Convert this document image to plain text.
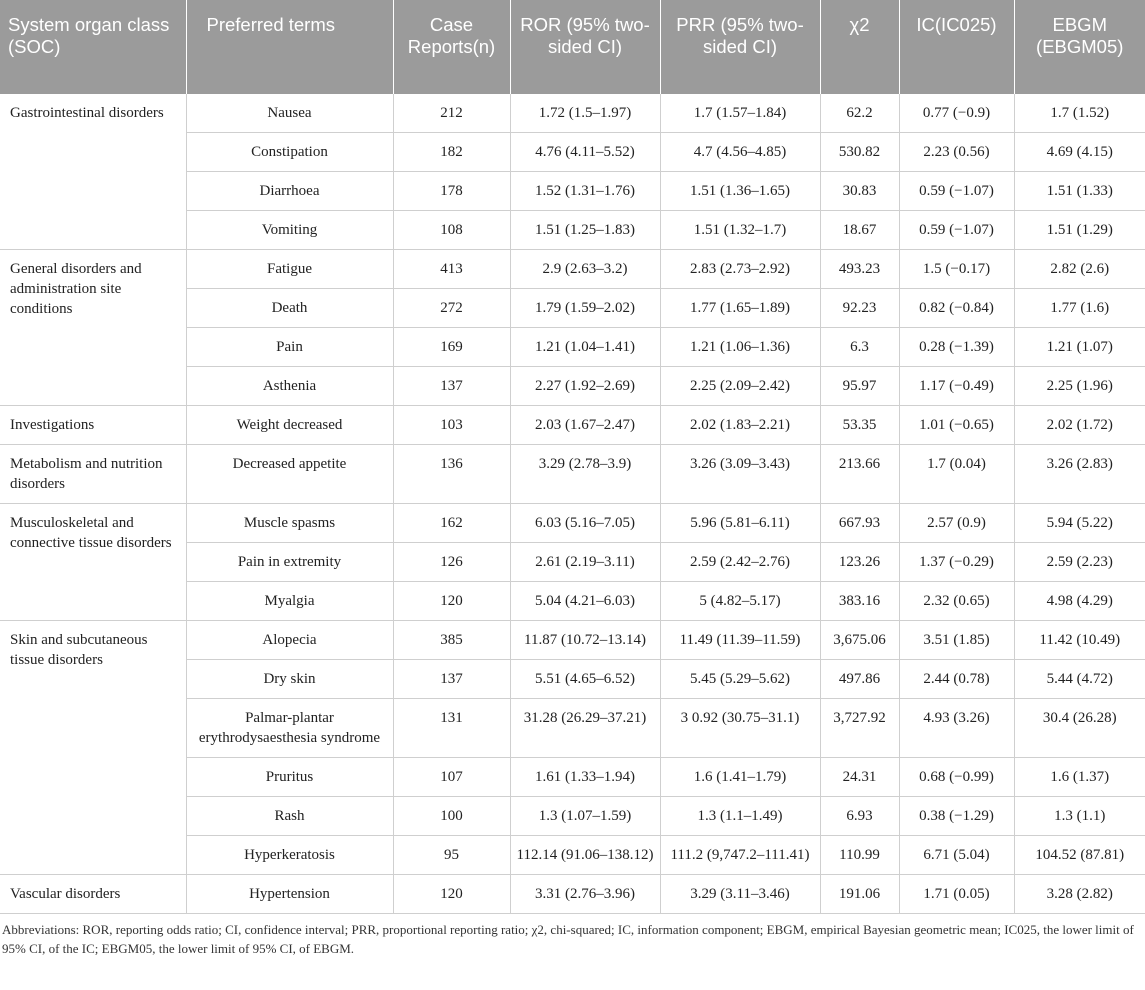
System organ class (SOC)	Preferred terms	Case Reports(n)	ROR (95% two-sided CI)	PRR (95% two-sided CI)	χ2	IC(IC025)	EBGM (EBGM05)
Gastrointestinal disorders	Nausea	212	1.72 (1.5–1.97)	1.7 (1.57–1.84)	62.2	0.77 (−0.9)	1.7 (1.52)
	Constipation	182	4.76 (4.11–5.52)	4.7 (4.56–4.85)	530.82	2.23 (0.56)	4.69 (4.15)
	Diarrhoea	178	1.52 (1.31–1.76)	1.51 (1.36–1.65)	30.83	0.59 (−1.07)	1.51 (1.33)
	Vomiting	108	1.51 (1.25–1.83)	1.51 (1.32–1.7)	18.67	0.59 (−1.07)	1.51 (1.29)
General disorders and administration site conditions	Fatigue	413	2.9 (2.63–3.2)	2.83 (2.73–2.92)	493.23	1.5 (−0.17)	2.82 (2.6)
	Death	272	1.79 (1.59–2.02)	1.77 (1.65–1.89)	92.23	0.82 (−0.84)	1.77 (1.6)
	Pain	169	1.21 (1.04–1.41)	1.21 (1.06–1.36)	6.3	0.28 (−1.39)	1.21 (1.07)
	Asthenia	137	2.27 (1.92–2.69)	2.25 (2.09–2.42)	95.97	1.17 (−0.49)	2.25 (1.96)
Investigations	Weight decreased	103	2.03 (1.67–2.47)	2.02 (1.83–2.21)	53.35	1.01 (−0.65)	2.02 (1.72)
Metabolism and nutrition disorders	Decreased appetite	136	3.29 (2.78–3.9)	3.26 (3.09–3.43)	213.66	1.7 (0.04)	3.26 (2.83)
Musculoskeletal and connective tissue disorders	Muscle spasms	162	6.03 (5.16–7.05)	5.96 (5.81–6.11)	667.93	2.57 (0.9)	5.94 (5.22)
	Pain in extremity	126	2.61 (2.19–3.11)	2.59 (2.42–2.76)	123.26	1.37 (−0.29)	2.59 (2.23)
	Myalgia	120	5.04 (4.21–6.03)	5 (4.82–5.17)	383.16	2.32 (0.65)	4.98 (4.29)
Skin and subcutaneous tissue disorders	Alopecia	385	11.87 (10.72–13.14)	11.49 (11.39–11.59)	3,675.06	3.51 (1.85)	11.42 (10.49)
	Dry skin	137	5.51 (4.65–6.52)	5.45 (5.29–5.62)	497.86	2.44 (0.78)	5.44 (4.72)
	Palmar-plantar erythrodysaesthesia syndrome	131	31.28 (26.29–37.21)	3 0.92 (30.75–31.1)	3,727.92	4.93 (3.26)	30.4 (26.28)
	Pruritus	107	1.61 (1.33–1.94)	1.6 (1.41–1.79)	24.31	0.68 (−0.99)	1.6 (1.37)
	Rash	100	1.3 (1.07–1.59)	1.3 (1.1–1.49)	6.93	0.38 (−1.29)	1.3 (1.1)
	Hyperkeratosis	95	112.14 (91.06–138.12)	111.2 (9,747.2–111.41)	110.99	6.71 (5.04)	104.52 (87.81)
Vascular disorders	Hypertension	120	3.31 (2.76–3.96)	3.29 (3.11–3.46)	191.06	1.71 (0.05)	3.28 (2.82)
Abbreviations: ROR, reporting odds ratio; CI, confidence interval; PRR, proportional reporting ratio; χ2, chi-squared; IC, information component; EBGM, empirical Bayesian geometric mean; IC025, the lower limit of 95% CI, of the IC; EBGM05, the lower limit of 95% CI, of EBGM.
